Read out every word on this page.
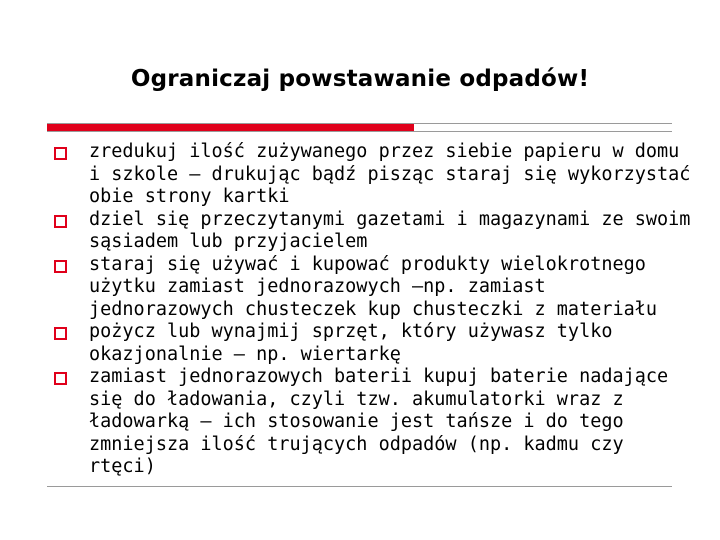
Ograniczaj powstawanie odpadów!
zredukuj ilość zużywanego przez siebie papieru w domu i szkole – drukując bądź pisząc staraj się wykorzystać obie strony kartki
dziel się przeczytanymi gazetami i magazynami ze swoim sąsiadem lub przyjacielem
staraj się używać i kupować produkty wielokrotnego użytku zamiast jednorazowych –np. zamiast jednorazowych chusteczek kup chusteczki z materiału
pożycz lub wynajmij sprzęt, który używasz tylko okazjonalnie – np. wiertarkę
zamiast jednorazowych baterii kupuj baterie nadające się do ładowania, czyli tzw. akumulatorki wraz z ładowarką – ich stosowanie jest tańsze i do tego zmniejsza ilość trujących odpadów (np. kadmu czy rtęci)
